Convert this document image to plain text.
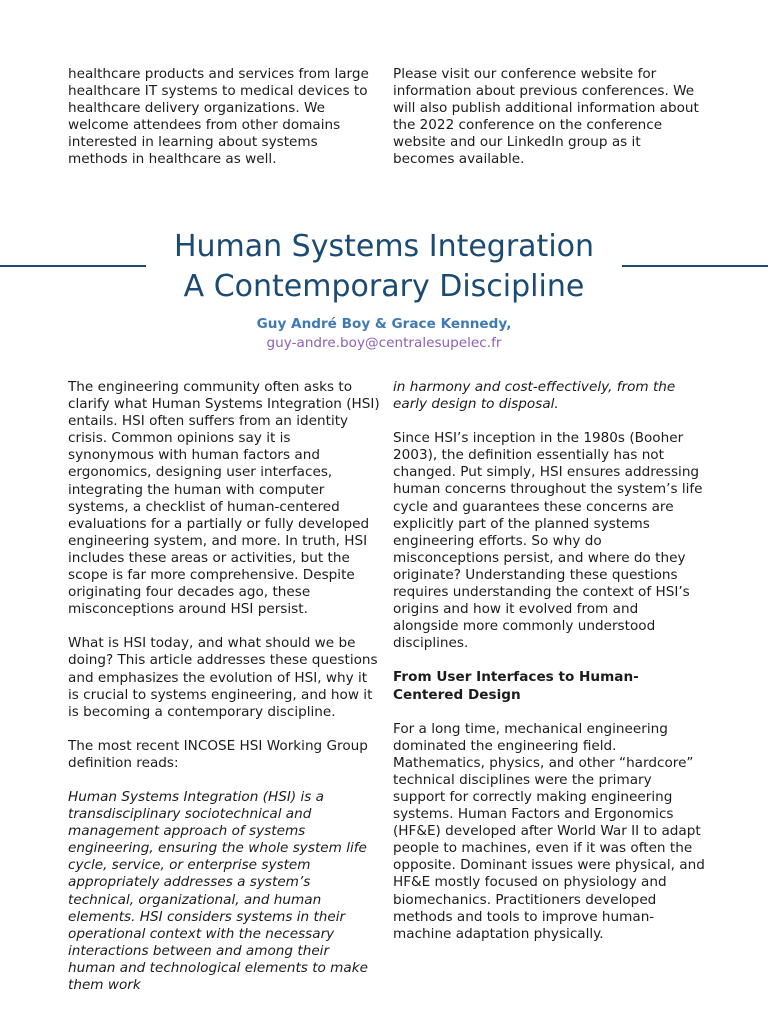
healthcare products and services from large healthcare IT systems to medical devices to healthcare delivery organizations. We welcome attendees from other domains interested in learning about systems methods in healthcare as well.

Please visit our conference website for information about previous conferences. We will also publish additional information about the 2022 conference on the conference website and our LinkedIn group as it becomes available.

Human Systems Integration
A Contemporary Discipline
Guy André Boy & Grace Kennedy,
guy-andre.boy@centralesupelec.fr

The engineering community often asks to clarify what Human Systems Integration (HSI) entails. HSI often suffers from an identity crisis. Common opinions say it is synonymous with human factors and ergonomics, designing user interfaces, integrating the human with computer systems, a checklist of human-centered evaluations for a partially or fully developed engineering system, and more. In truth, HSI includes these areas or activities, but the scope is far more comprehensive. Despite originating four decades ago, these misconceptions around HSI persist.

What is HSI today, and what should we be doing? This article addresses these questions and emphasizes the evolution of HSI, why it is crucial to systems engineering, and how it is becoming a contemporary discipline.

The most recent INCOSE HSI Working Group definition reads:

Human Systems Integration (HSI) is a transdisciplinary sociotechnical and management approach of systems engineering, ensuring the whole system life cycle, service, or enterprise system appropriately addresses a system’s technical, organizational, and human elements. HSI considers systems in their operational context with the necessary interactions between and among their human and technological elements to make them work

in harmony and cost-effectively, from the early design to disposal.

Since HSI’s inception in the 1980s (Booher 2003), the definition essentially has not changed. Put simply, HSI ensures addressing human concerns throughout the system’s life cycle and guarantees these concerns are explicitly part of the planned systems engineering efforts. So why do misconceptions persist, and where do they originate? Understanding these questions requires understanding the context of HSI’s origins and how it evolved from and alongside more commonly understood disciplines.

From User Interfaces to Human-Centered Design

For a long time, mechanical engineering dominated the engineering field. Mathematics, physics, and other “hardcore” technical disciplines were the primary support for correctly making engineering systems. Human Factors and Ergonomics (HF&E) developed after World War II to adapt people to machines, even if it was often the opposite. Dominant issues were physical, and HF&E mostly focused on physiology and biomechanics. Practitioners developed methods and tools to improve human-machine adaptation physically.
